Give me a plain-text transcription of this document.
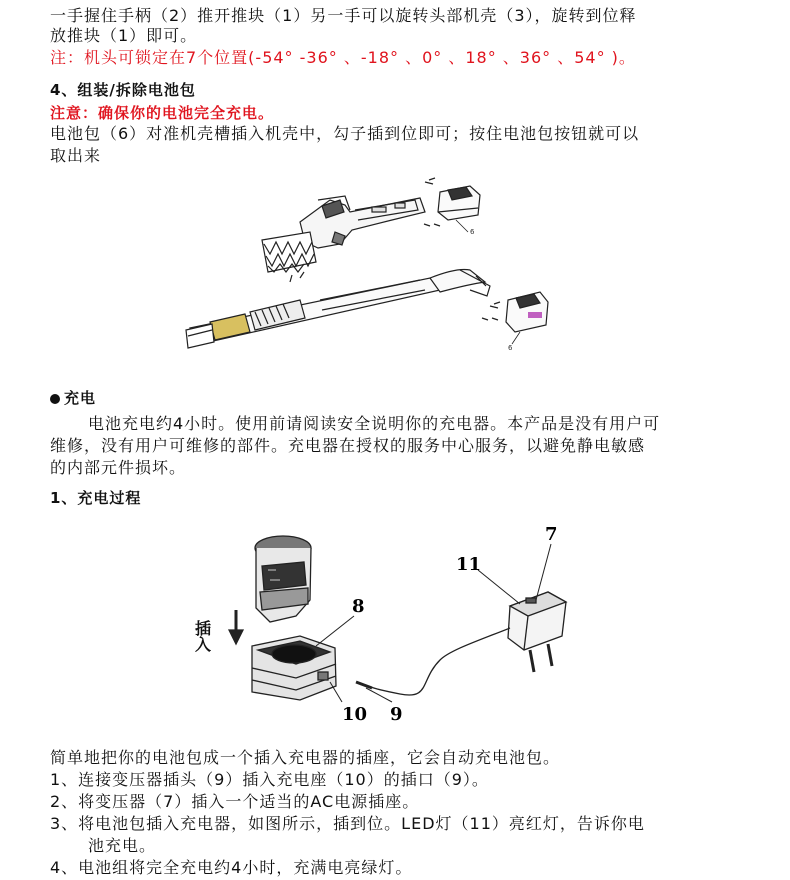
一手握住手柄（2）推开推块（1）另一手可以旋转头部机壳（3），旋转到位释
放推块（1）即可。
注：机头可锁定在7个位置(-54° -36° 、-18° 、0° 、18° 、36° 、54° )。
4、组装/拆除电池包
注意：确保你的电池完全充电。
电池包（6）对准机壳槽插入机壳中，勾子插到位即可；按住电池包按钮就可以
取出来
6
6
充电
电池充电约4小时。使用前请阅读安全说明你的充电器。本产品是没有用户可
维修，没有用户可维修的部件。充电器在授权的服务中心服务，以避免静电敏感
的内部元件损坏。
1、充电过程
插入
7
8
9
10
11
简单地把你的电池包成一个插入充电器的插座，它会自动充电池包。
1、连接变压器插头（9）插入充电座（10）的插口（9）。
2、将变压器（7）插入一个适当的AC电源插座。
3、将电池包插入充电器，如图所示，插到位。LED灯（11）亮红灯，告诉你电
池充电。
4、电池组将完全充电约4小时，充满电亮绿灯。
